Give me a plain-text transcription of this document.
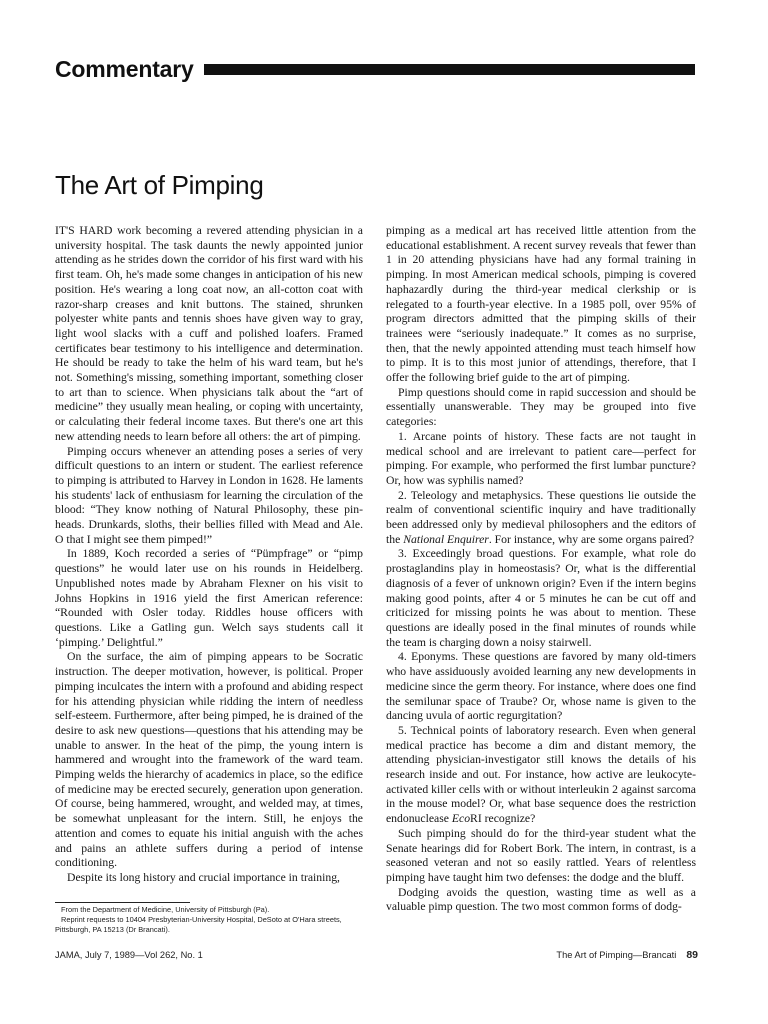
Commentary
The Art of Pimping

IT'S HARD work becoming a revered attending physician in a university hospital. The task daunts the newly appointed junior attending as he strides down the corridor of his first ward with his first team. Oh, he's made some changes in anticipation of his new position. He's wearing a long coat now, an all-cotton coat with razor-sharp creases and knit buttons. The stained, shrunken polyester white pants and tennis shoes have given way to gray, light wool slacks with a cuff and polished loafers. Framed certificates bear testimony to his intelligence and determination. He should be ready to take the helm of his ward team, but he's not. Something's missing, something important, something closer to art than to science. When physicians talk about the “art of medicine” they usually mean healing, or coping with uncertainty, or calculating their federal income taxes. But there's one art this new attending needs to learn before all others: the art of pimping.

Pimping occurs whenever an attending poses a series of very difficult questions to an intern or student. The earliest reference to pimping is attributed to Harvey in London in 1628. He laments his students' lack of enthusiasm for learning the circulation of the blood: “They know nothing of Natural Philosophy, these pin-heads. Drunkards, sloths, their bellies filled with Mead and Ale. O that I might see them pimped!”

In 1889, Koch recorded a series of “Pümpfrage” or “pimp questions” he would later use on his rounds in Heidelberg. Unpublished notes made by Abraham Flexner on his visit to Johns Hopkins in 1916 yield the first American reference: “Rounded with Osler today. Riddles house officers with questions. Like a Gatling gun. Welch says students call it ‘pimping.’ Delightful.”

On the surface, the aim of pimping appears to be Socratic instruction. The deeper motivation, however, is political. Proper pimping inculcates the intern with a profound and abiding respect for his attending physician while ridding the intern of needless self-esteem. Furthermore, after being pimped, he is drained of the desire to ask new questions—questions that his attending may be unable to answer. In the heat of the pimp, the young intern is hammered and wrought into the framework of the ward team. Pimping welds the hierarchy of academics in place, so the edifice of medicine may be erected securely, generation upon generation. Of course, being hammered, wrought, and welded may, at times, be somewhat unpleasant for the intern. Still, he enjoys the attention and comes to equate his initial anguish with the aches and pains an athlete suffers during a period of intense conditioning.

Despite its long history and crucial importance in training,

pimping as a medical art has received little attention from the educational establishment. A recent survey reveals that fewer than 1 in 20 attending physicians have had any formal training in pimping. In most American medical schools, pimping is covered haphazardly during the third-year medical clerkship or is relegated to a fourth-year elective. In a 1985 poll, over 95% of program directors admitted that the pimping skills of their trainees were “seriously inadequate.” It comes as no surprise, then, that the newly appointed attending must teach himself how to pimp. It is to this most junior of attendings, therefore, that I offer the following brief guide to the art of pimping.

Pimp questions should come in rapid succession and should be essentially unanswerable. They may be grouped into five categories:

1. Arcane points of history. These facts are not taught in medical school and are irrelevant to patient care—perfect for pimping. For example, who performed the first lumbar puncture? Or, how was syphilis named?

2. Teleology and metaphysics. These questions lie outside the realm of conventional scientific inquiry and have traditionally been addressed only by medieval philosophers and the editors of the National Enquirer. For instance, why are some organs paired?

3. Exceedingly broad questions. For example, what role do prostaglandins play in homeostasis? Or, what is the differential diagnosis of a fever of unknown origin? Even if the intern begins making good points, after 4 or 5 minutes he can be cut off and criticized for missing points he was about to mention. These questions are ideally posed in the final minutes of rounds while the team is charging down a noisy stairwell.

4. Eponyms. These questions are favored by many old-timers who have assiduously avoided learning any new developments in medicine since the germ theory. For instance, where does one find the semilunar space of Traube? Or, whose name is given to the dancing uvula of aortic regurgitation?

5. Technical points of laboratory research. Even when general medical practice has become a dim and distant memory, the attending physician-investigator still knows the details of his research inside and out. For instance, how active are leukocyte-activated killer cells with or without interleukin 2 against sarcoma in the mouse model? Or, what base sequence does the restriction endonuclease EcoRI recognize?

Such pimping should do for the third-year student what the Senate hearings did for Robert Bork. The intern, in contrast, is a seasoned veteran and not so easily rattled. Years of relentless pimping have taught him two defenses: the dodge and the bluff.

Dodging avoids the question, wasting time as well as a valuable pimp question. The two most common forms of dodg-

From the Department of Medicine, University of Pittsburgh (Pa).

Reprint requests to 10404 Presbyterian-University Hospital, DeSoto at O'Hara streets, Pittsburgh, PA 15213 (Dr Brancati).

JAMA, July 7, 1989—Vol 262, No. 1	The Art of Pimping—Brancati 89
